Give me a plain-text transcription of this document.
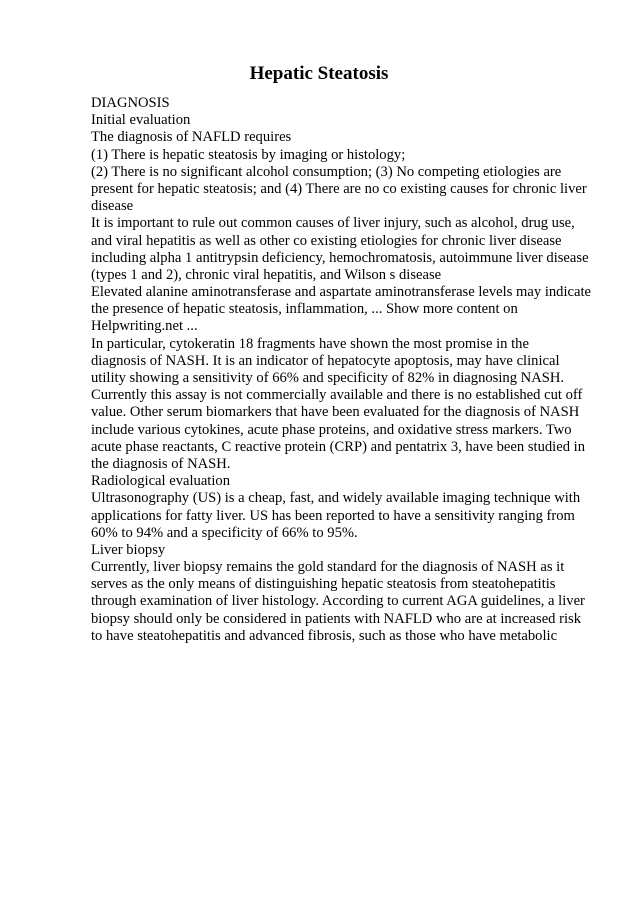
Hepatic Steatosis
DIAGNOSIS
Initial evaluation
The diagnosis of NAFLD requires
(1) There is hepatic steatosis by imaging or histology;
(2) There is no significant alcohol consumption; (3) No competing etiologies are
present for hepatic steatosis; and (4) There are no co existing causes for chronic liver
disease
It is important to rule out common causes of liver injury, such as alcohol, drug use,
and viral hepatitis as well as other co existing etiologies for chronic liver disease
including alpha 1 antitrypsin deficiency, hemochromatosis, autoimmune liver disease
(types 1 and 2), chronic viral hepatitis, and Wilson s disease
Elevated alanine aminotransferase and aspartate aminotransferase levels may indicate
the presence of hepatic steatosis, inflammation, ... Show more content on
Helpwriting.net ...
In particular, cytokeratin 18 fragments have shown the most promise in the
diagnosis of NASH. It is an indicator of hepatocyte apoptosis, may have clinical
utility showing a sensitivity of 66% and specificity of 82% in diagnosing NASH.
Currently this assay is not commercially available and there is no established cut off
value. Other serum biomarkers that have been evaluated for the diagnosis of NASH
include various cytokines, acute phase proteins, and oxidative stress markers. Two
acute phase reactants, C reactive protein (CRP) and pentatrix 3, have been studied in
the diagnosis of NASH.
Radiological evaluation
Ultrasonography (US) is a cheap, fast, and widely available imaging technique with
applications for fatty liver. US has been reported to have a sensitivity ranging from
60% to 94% and a specificity of 66% to 95%.
Liver biopsy
Currently, liver biopsy remains the gold standard for the diagnosis of NASH as it
serves as the only means of distinguishing hepatic steatosis from steatohepatitis
through examination of liver histology. According to current AGA guidelines, a liver
biopsy should only be considered in patients with NAFLD who are at increased risk
to have steatohepatitis and advanced fibrosis, such as those who have metabolic
